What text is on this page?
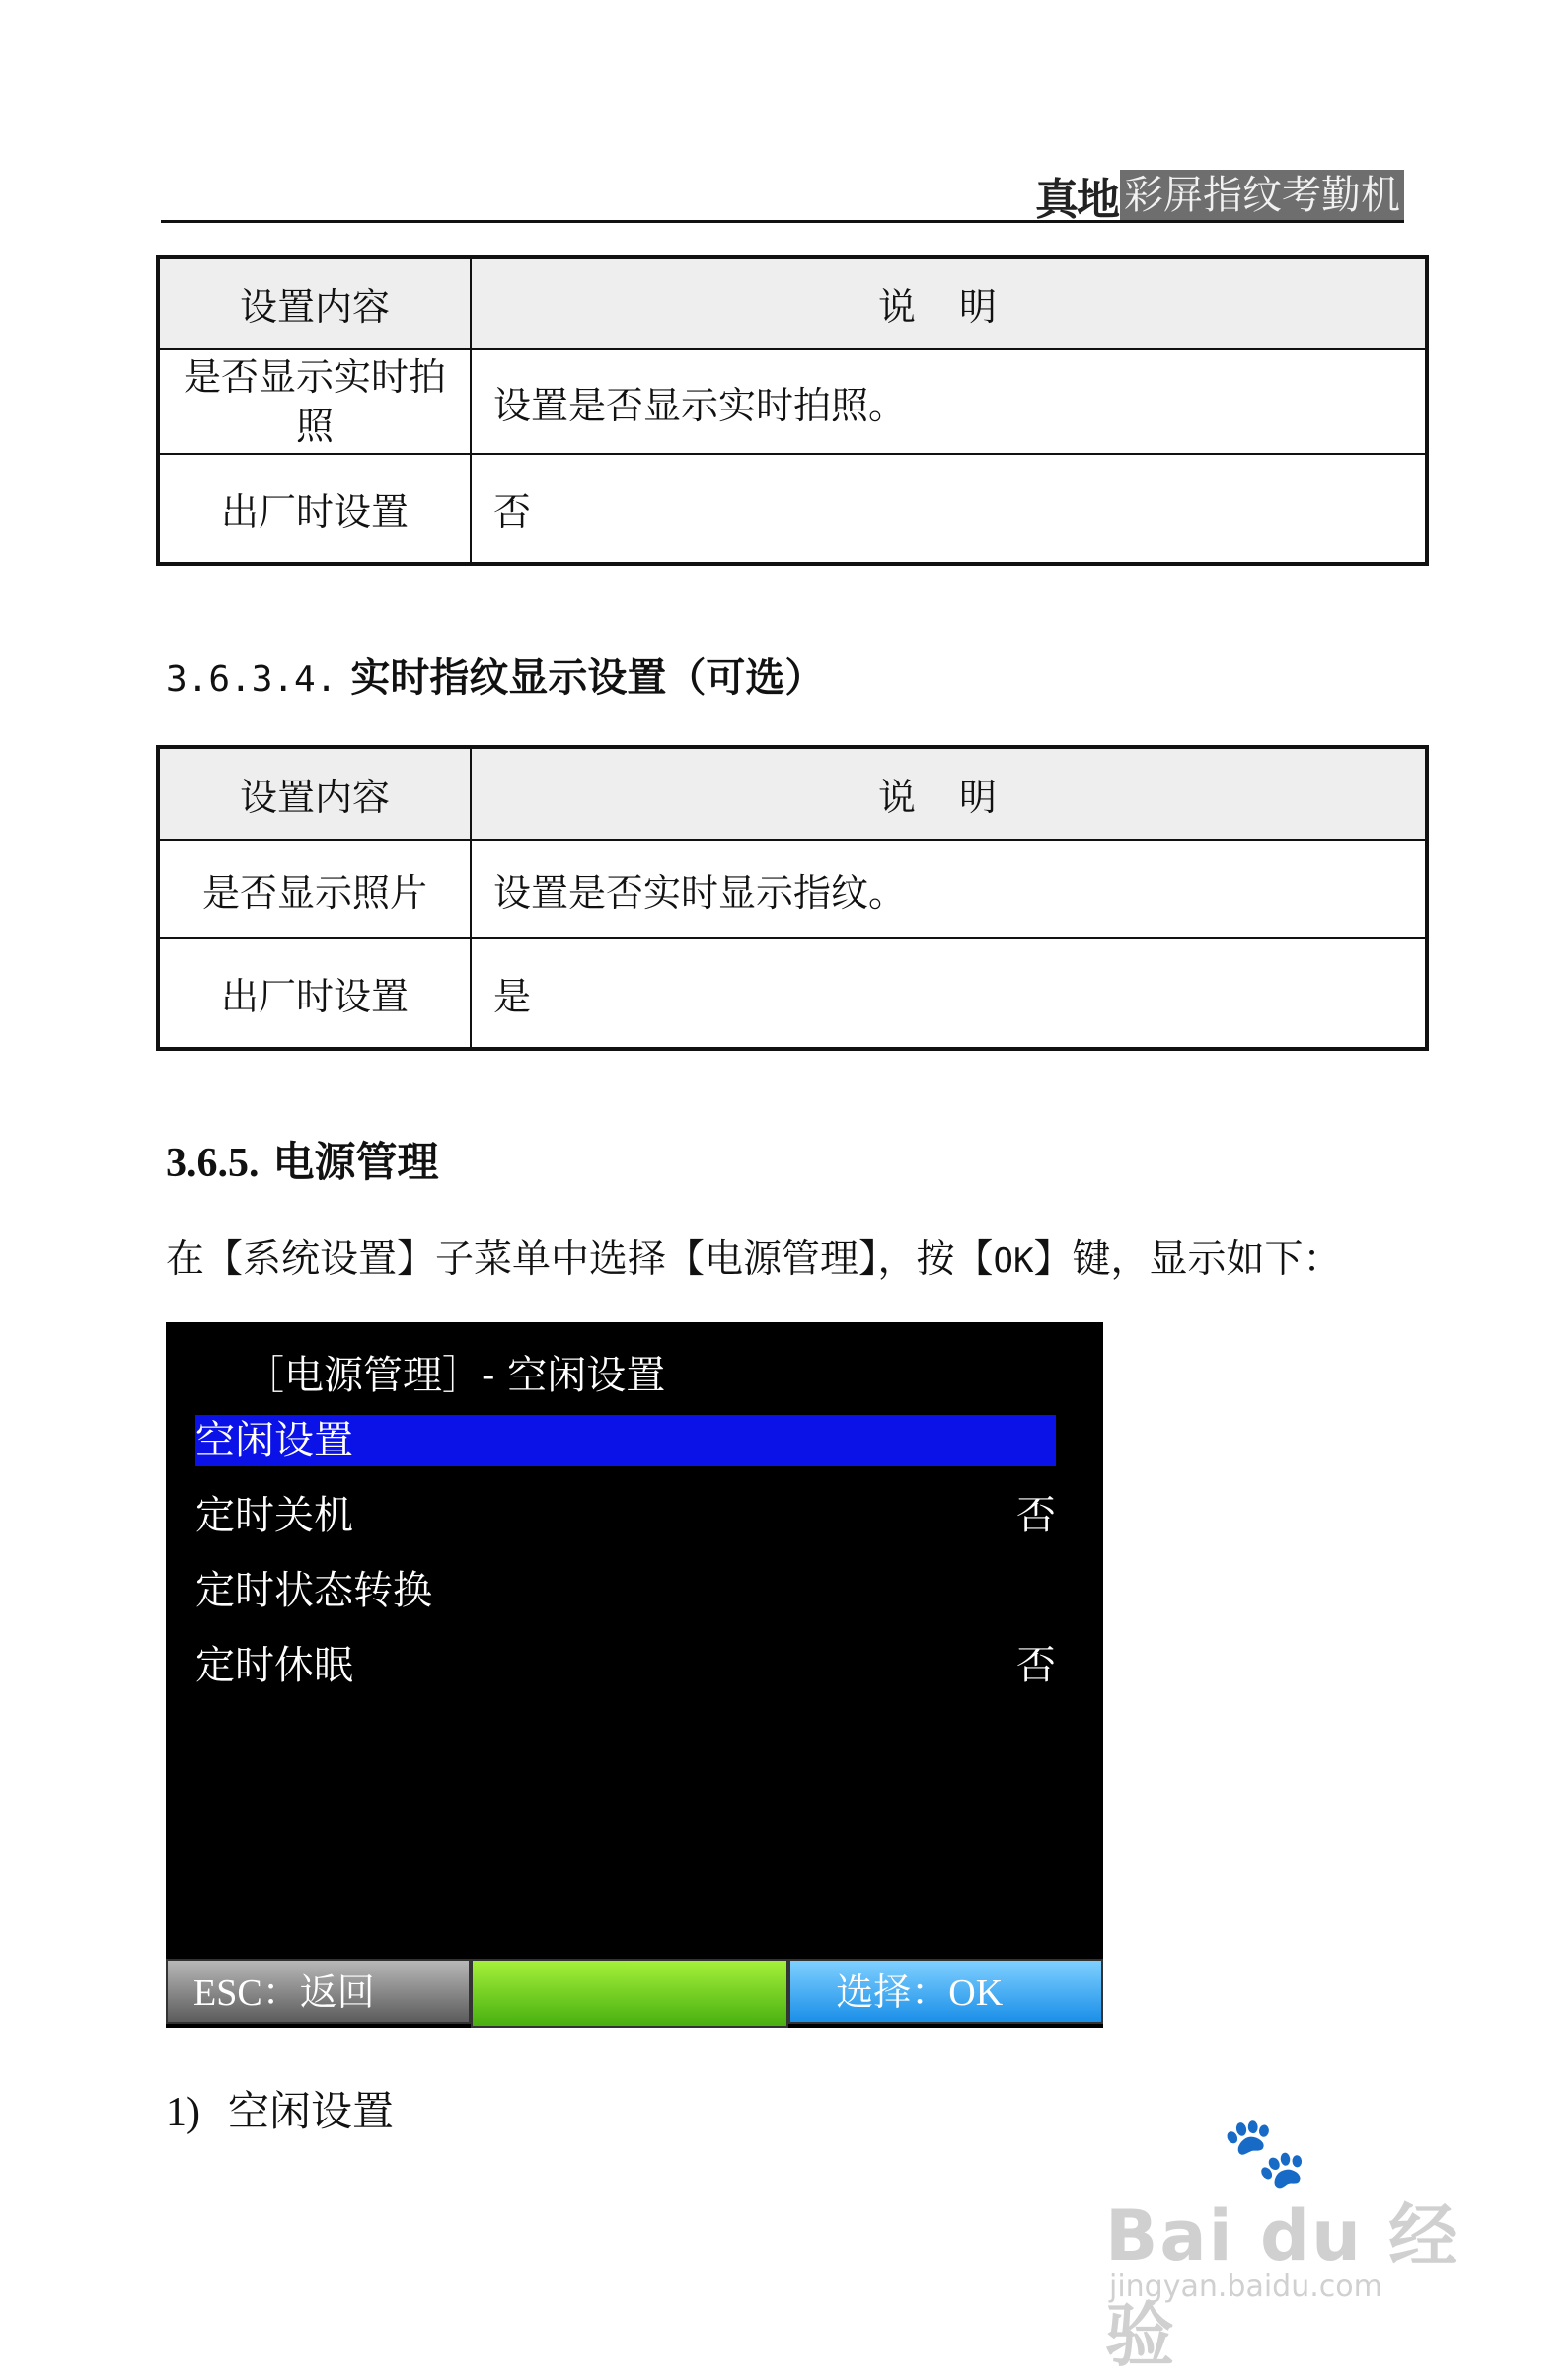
真地 彩屏指纹考勤机
设置内容	说明
是否显示实时拍照	设置是否显示实时拍照。
出厂时设置	否
3.6.3.4. 实时指纹显示设置（可选）
设置内容	说明
是否显示照片	设置是否实时显示指纹。
出厂时设置	是
3.6.5. 电源管理
在【系统设置】子菜单中选择【电源管理】，按【OK】键，显示如下：
［电源管理］- 空闲设置
空闲设置
定时关机	否
定时状态转换
定时休眠	否
ESC：返回	选择：OK
1) 空闲设置
🐾
Bai du 经验
jingyan.baidu.com
